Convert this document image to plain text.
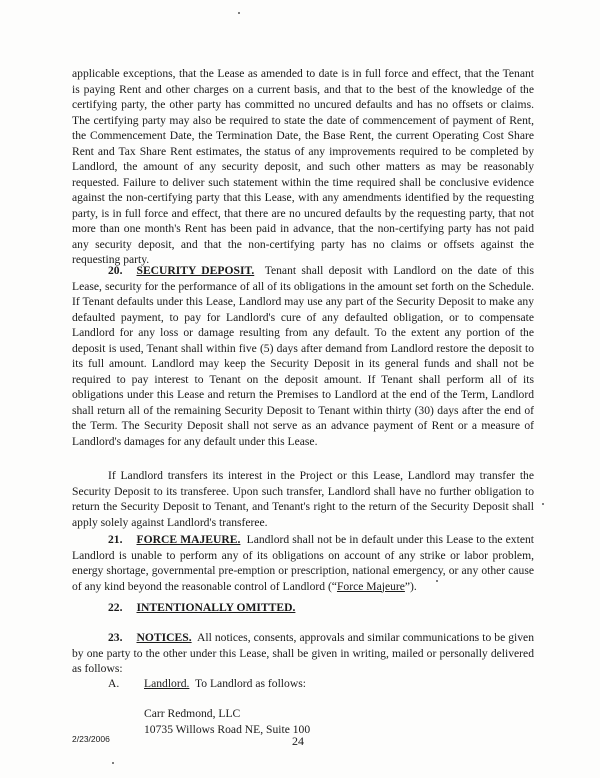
applicable exceptions, that the Lease as amended to date is in full force and effect, that the Tenant is paying Rent and other charges on a current basis, and that to the best of the knowledge of the certifying party, the other party has committed no uncured defaults and has no offsets or claims. The certifying party may also be required to state the date of commencement of payment of Rent, the Commencement Date, the Termination Date, the Base Rent, the current Operating Cost Share Rent and Tax Share Rent estimates, the status of any improvements required to be completed by Landlord, the amount of any security deposit, and such other matters as may be reasonably requested. Failure to deliver such statement within the time required shall be conclusive evidence against the non-certifying party that this Lease, with any amendments identified by the requesting party, is in full force and effect, that there are no uncured defaults by the requesting party, that not more than one month's Rent has been paid in advance, that the non-certifying party has not paid any security deposit, and that the non-certifying party has no claims or offsets against the requesting party.

20. SECURITY DEPOSIT. Tenant shall deposit with Landlord on the date of this Lease, security for the performance of all of its obligations in the amount set forth on the Schedule. If Tenant defaults under this Lease, Landlord may use any part of the Security Deposit to make any defaulted payment, to pay for Landlord's cure of any defaulted obligation, or to compensate Landlord for any loss or damage resulting from any default. To the extent any portion of the deposit is used, Tenant shall within five (5) days after demand from Landlord restore the deposit to its full amount. Landlord may keep the Security Deposit in its general funds and shall not be required to pay interest to Tenant on the deposit amount. If Tenant shall perform all of its obligations under this Lease and return the Premises to Landlord at the end of the Term, Landlord shall return all of the remaining Security Deposit to Tenant within thirty (30) days after the end of the Term. The Security Deposit shall not serve as an advance payment of Rent or a measure of Landlord's damages for any default under this Lease.

If Landlord transfers its interest in the Project or this Lease, Landlord may transfer the Security Deposit to its transferee. Upon such transfer, Landlord shall have no further obligation to return the Security Deposit to Tenant, and Tenant's right to the return of the Security Deposit shall apply solely against Landlord's transferee.

21. FORCE MAJEURE. Landlord shall not be in default under this Lease to the extent Landlord is unable to perform any of its obligations on account of any strike or labor problem, energy shortage, governmental pre-emption or prescription, national emergency, or any other cause of any kind beyond the reasonable control of Landlord (“Force Majeure”).

22. INTENTIONALLY OMITTED.

23. NOTICES. All notices, consents, approvals and similar communications to be given by one party to the other under this Lease, shall be given in writing, mailed or personally delivered as follows:

A. Landlord. To Landlord as follows:

Carr Redmond, LLC
10735 Willows Road NE, Suite 100
2/23/2006	24
